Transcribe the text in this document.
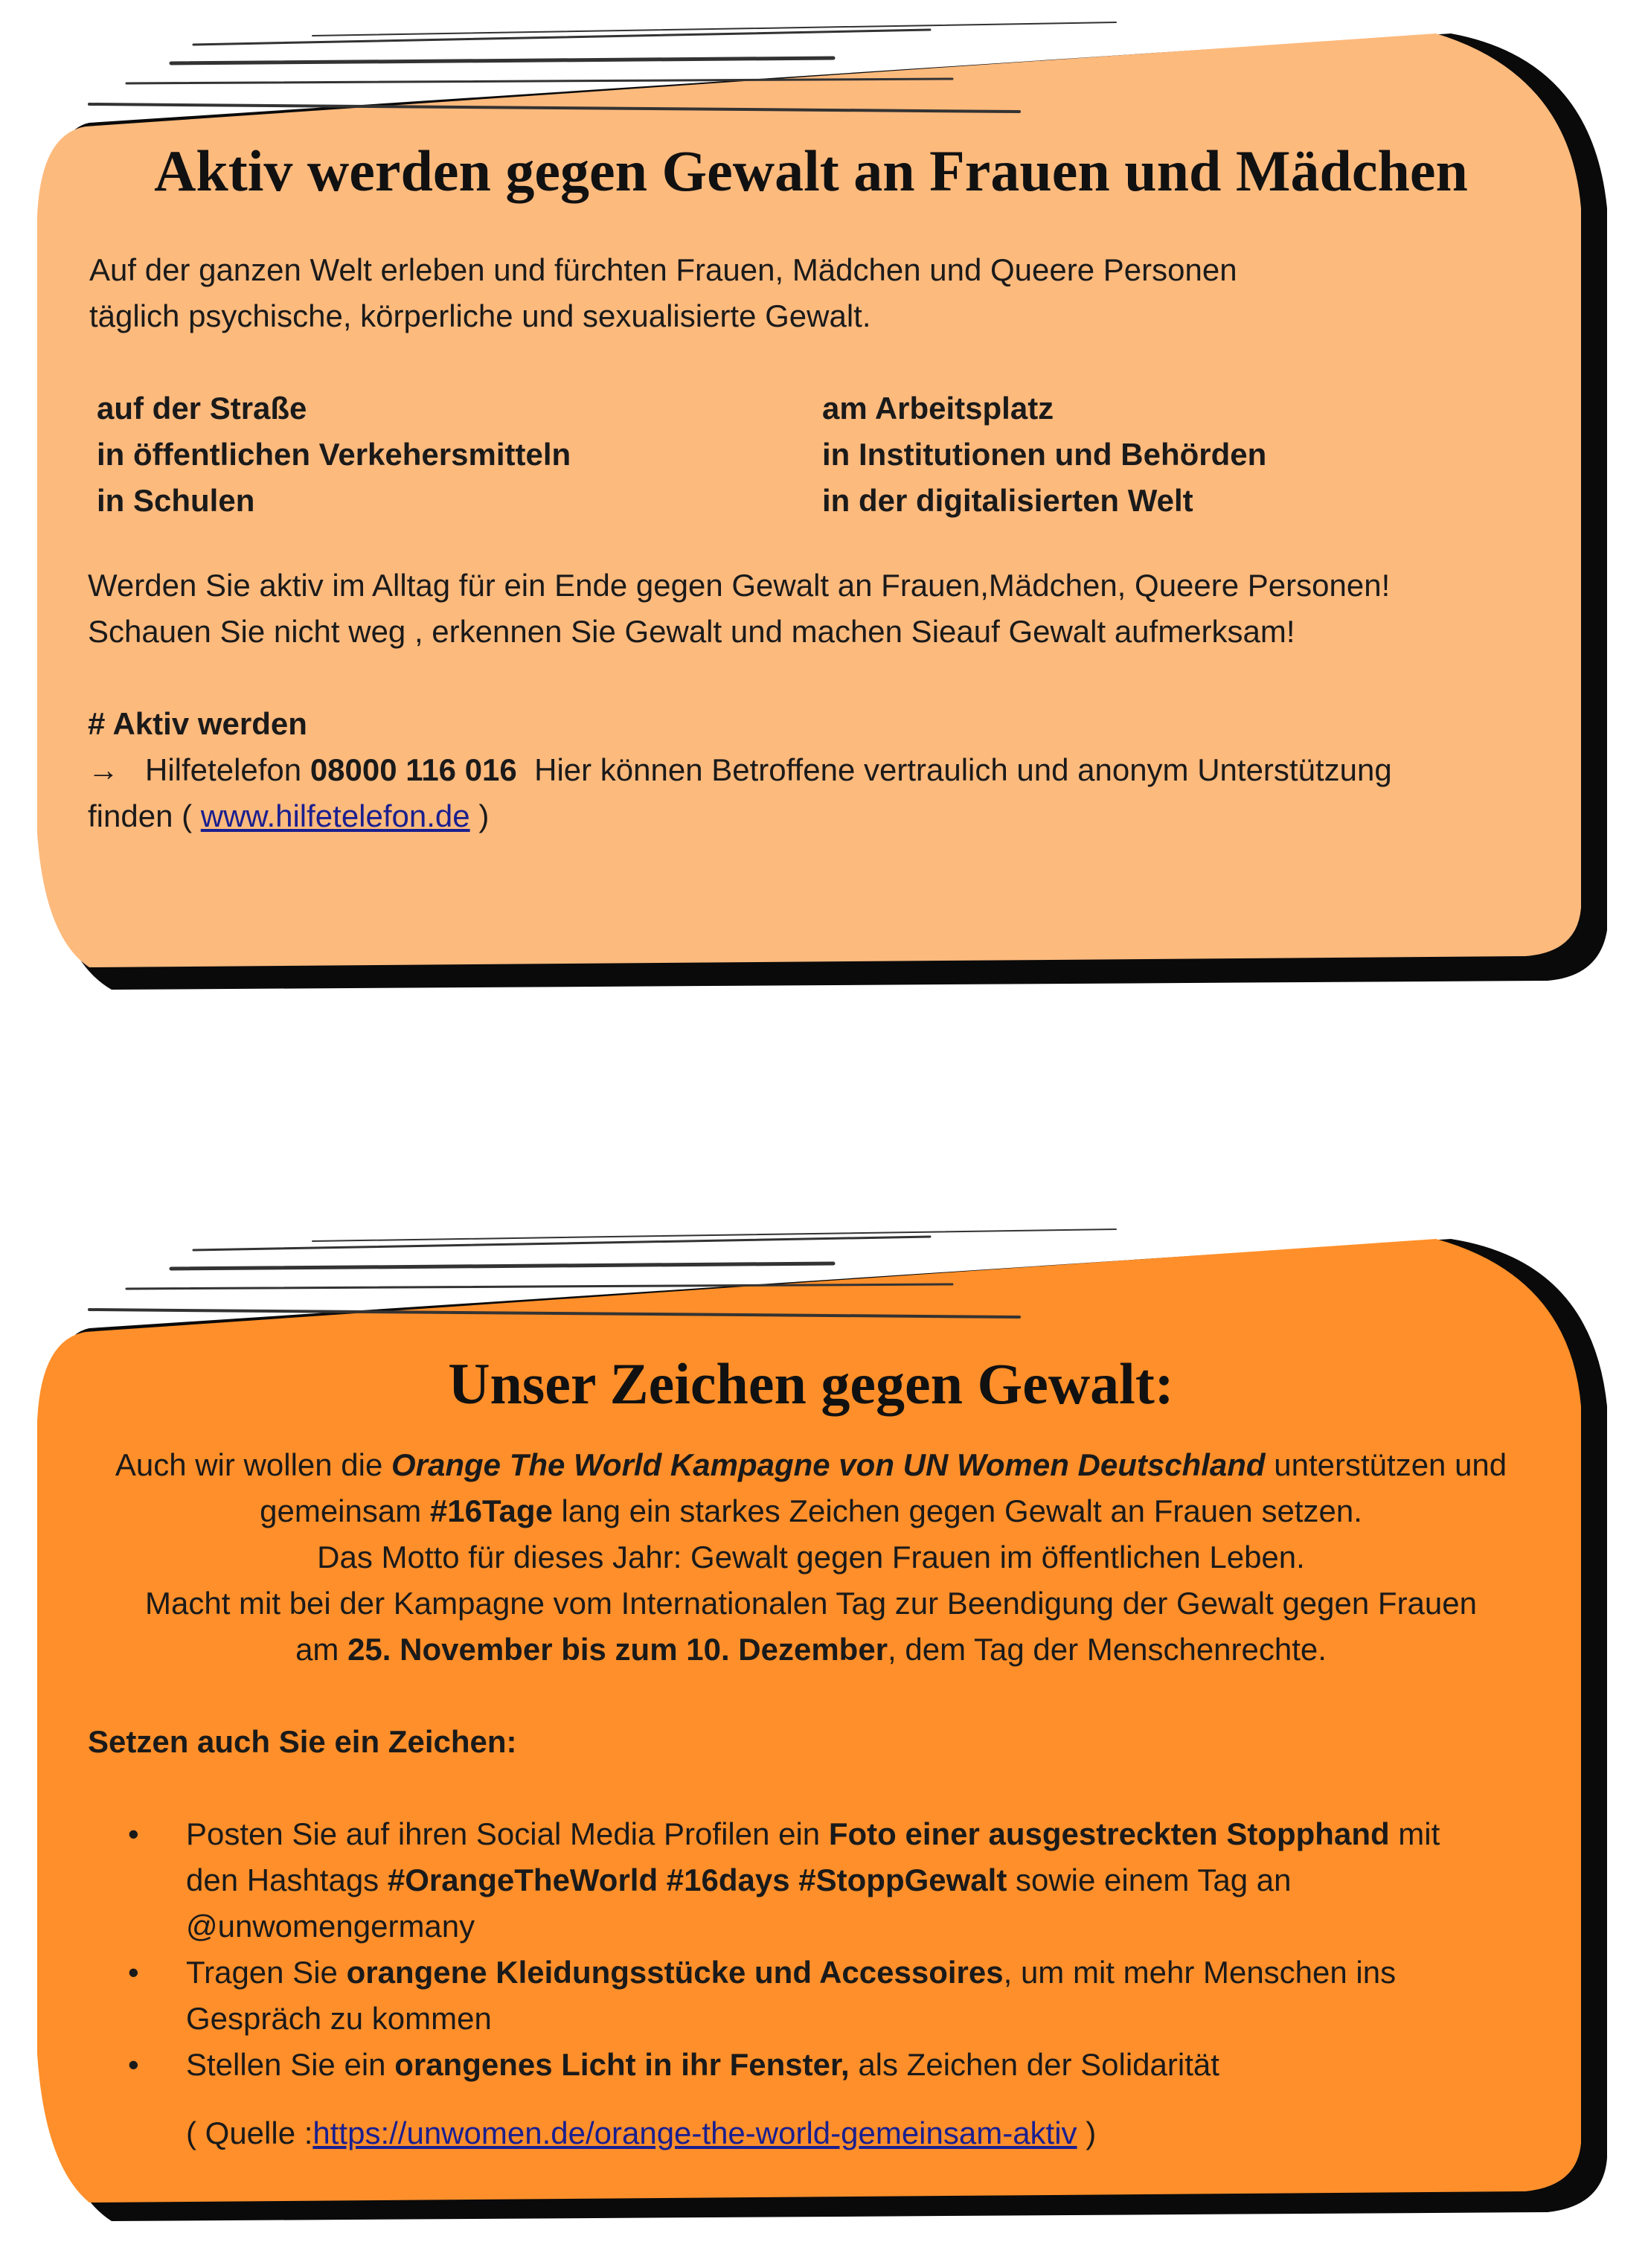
Aktiv werden gegen Gewalt an Frauen und Mädchen
Auf der ganzen Welt erleben und fürchten Frauen, Mädchen und Queere Personen
täglich psychische, körperliche und sexualisierte Gewalt.
auf der Straße
in öffentlichen Verkehersmitteln
in Schulen
am Arbeitsplatz
in Institutionen und Behörden
in der digitalisierten Welt
Werden Sie aktiv im Alltag für ein Ende gegen Gewalt an Frauen,Mädchen, Queere Personen!
Schauen Sie nicht weg , erkennen Sie Gewalt und machen Sieauf Gewalt aufmerksam!
# Aktiv werden
→ Hilfetelefon 08000 116 016 Hier können Betroffene vertraulich und anonym Unterstützung
finden ( www.hilfetelefon.de )
Unser Zeichen gegen Gewalt:
Auch wir wollen die Orange The World Kampagne von UN Women Deutschland unterstützen und
gemeinsam #16Tage lang ein starkes Zeichen gegen Gewalt an Frauen setzen.
Das Motto für dieses Jahr: Gewalt gegen Frauen im öffentlichen Leben.
Macht mit bei der Kampagne vom Internationalen Tag zur Beendigung der Gewalt gegen Frauen
am 25. November bis zum 10. Dezember, dem Tag der Menschenrechte.
Setzen auch Sie ein Zeichen:
• Posten Sie auf ihren Social Media Profilen ein Foto einer ausgestreckten Stopphand mit
den Hashtags #OrangeTheWorld #16days #StoppGewalt sowie einem Tag an
@unwomengermany
• Tragen Sie orangene Kleidungsstücke und Accessoires, um mit mehr Menschen ins
Gespräch zu kommen
• Stellen Sie ein orangenes Licht in ihr Fenster, als Zeichen der Solidarität
( Quelle :https://unwomen.de/orange-the-world-gemeinsam-aktiv )
